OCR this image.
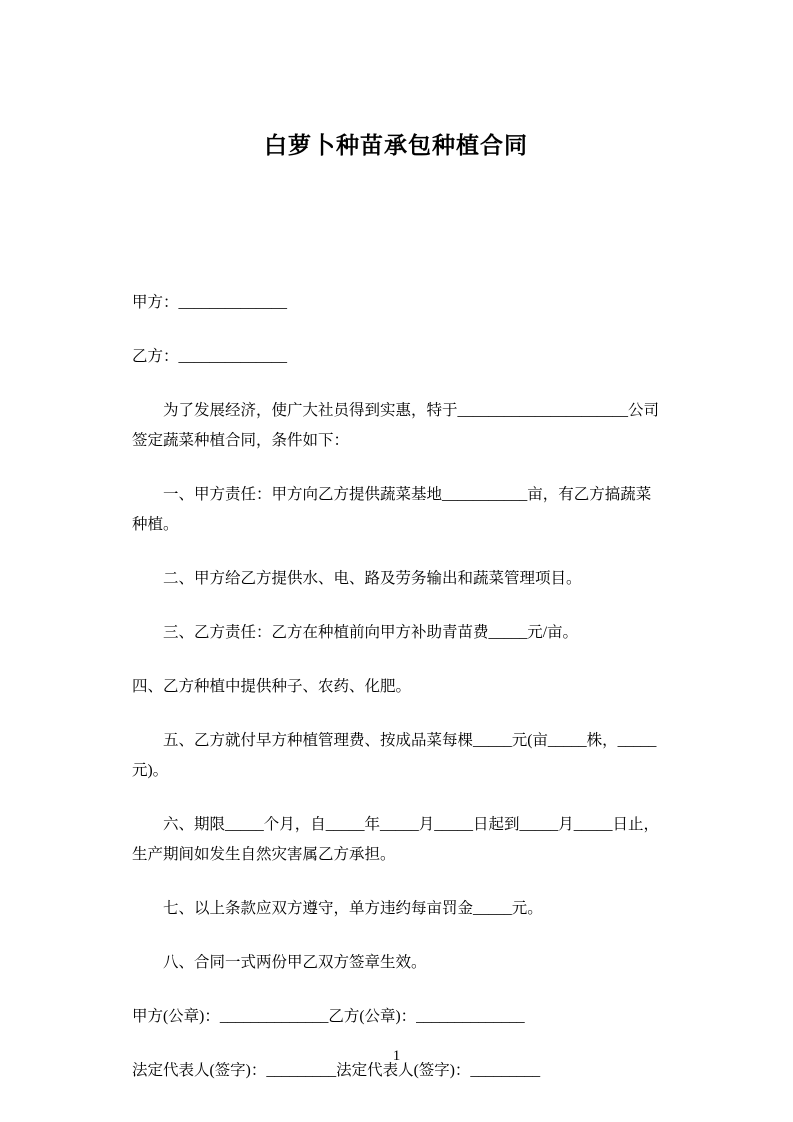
白萝卜种苗承包种植合同

甲方：______________

乙方：______________

为了发展经济，使广大社员得到实惠，特于______________________公司签定蔬菜种植合同，条件如下：

一、甲方责任：甲方向乙方提供蔬菜基地___________亩，有乙方搞蔬菜种植。

二、甲方给乙方提供水、电、路及劳务输出和蔬菜管理项目。

三、乙方责任：乙方在种植前向甲方补助青苗费_____元/亩。

四、乙方种植中提供种子、农药、化肥。

五、乙方就付早方种植管理费、按成品菜每棵_____元(亩_____株，_____元)。

六、期限_____个月，自_____年_____月_____日起到_____月_____日止，生产期间如发生自然灾害属乙方承担。

七、以上条款应双方遵守，单方违约每亩罚金_____元。

八、合同一式两份甲乙双方签章生效。

甲方(公章)：______________乙方(公章)：______________

法定代表人(签字)：_________法定代表人(签字)：_________

1
